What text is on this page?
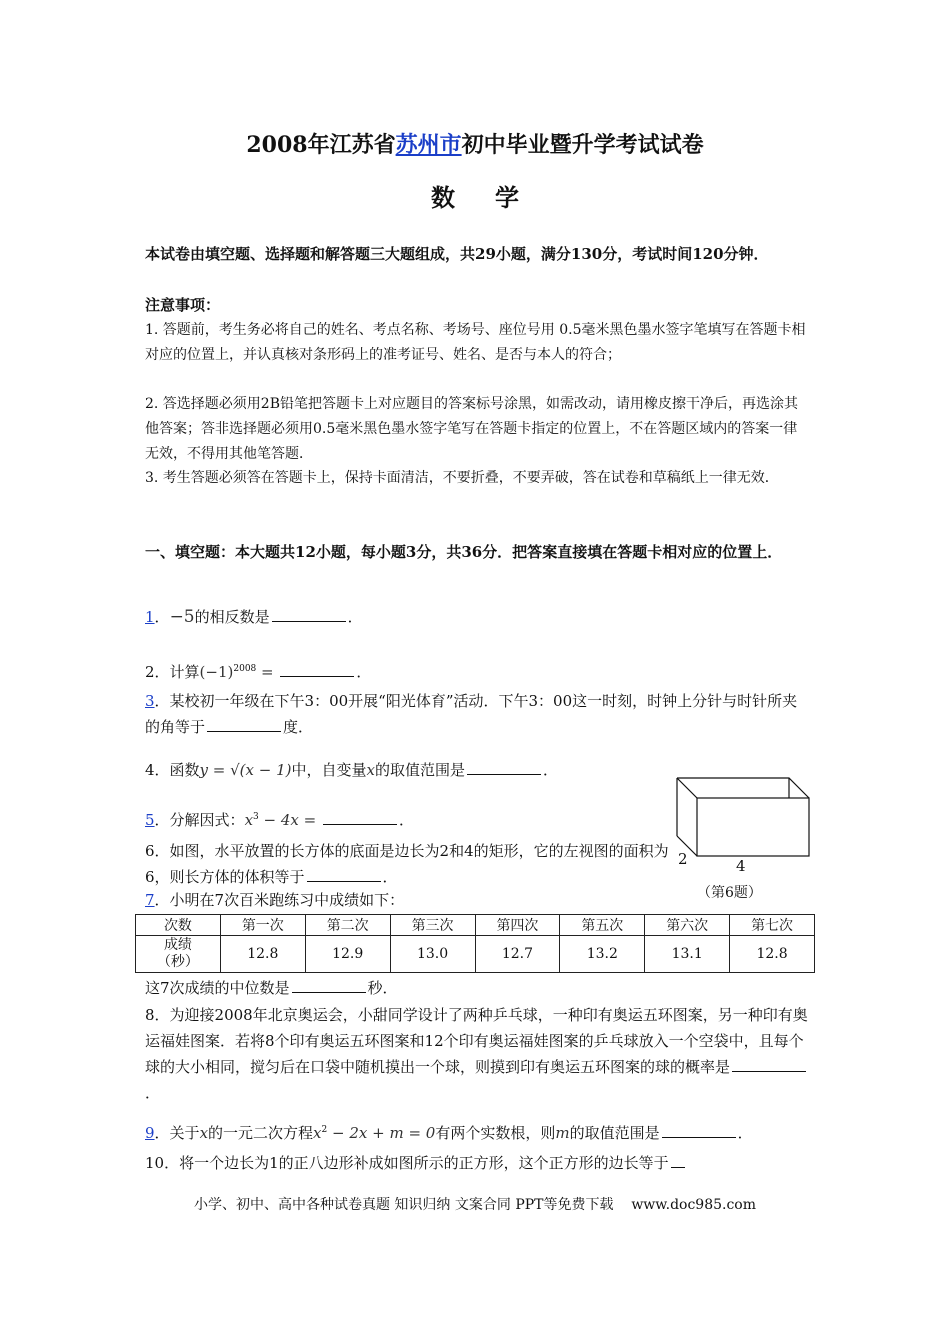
2008年江苏省苏州市初中毕业暨升学考试试卷
数学
本试卷由填空题、选择题和解答题三大题组成，共29小题，满分130分，考试时间120分钟．
注意事项：
1. 答题前，考生务必将自己的姓名、考点名称、考场号、座位号用 0.5毫米黑色墨水签字笔填写在答题卡相对应的位置上，并认真核对条形码上的准考证号、姓名、是否与本人的符合；
2. 答选择题必须用2B铅笔把答题卡上对应题目的答案标号涂黑，如需改动，请用橡皮擦干净后，再选涂其他答案；答非选择题必须用0.5毫米黑色墨水签字笔写在答题卡指定的位置上，不在答题区域内的答案一律无效，不得用其他笔答题．
3. 考生答题必须答在答题卡上，保持卡面清洁，不要折叠，不要弄破，答在试卷和草稿纸上一律无效．
一、填空题：本大题共12小题，每小题3分，共36分．把答案直接填在答题卡相对应的位置上．
1．−5的相反数是	．
2．计算$(-1)^{2008}$ =	．
3．某校初一年级在下午3：00开展“阳光体育”活动．下午3：00这一时刻，时钟上分针与时针所夹的角等于	度．
4．函数y = √(x − 1)中，自变量x的取值范围是	．
5．分解因式：$x^3 - 4x$ =	．
2	4
（第6题）
6．如图，水平放置的长方体的底面是边长为2和4的矩形，它的左视图的面积为6，则长方体的体积等于	．
7．小明在7次百米跑练习中成绩如下：
次数	第一次	第二次	第三次	第四次	第五次	第六次	第七次
成绩
（秒）	12.8	12.9	13.0	12.7	13.2	13.1	12.8
这7次成绩的中位数是	秒．
8．为迎接2008年北京奥运会，小甜同学设计了两种乒乓球，一种印有奥运五环图案，另一种印有奥运福娃图案．若将8个印有奥运五环图案和12个印有奥运福娃图案的乒乓球放入一个空袋中，且每个球的大小相同，搅匀后在口袋中随机摸出一个球，则摸到印有奥运五环图案的球的概率是．
9．关于x的一元二次方程$x^2 - 2x + m = 0$有两个实数根，则m的取值范围是	．
10．将一个边长为1的正八边形补成如图所示的正方形，这个正方形的边长等于
小学、初中、高中各种试卷真题 知识归纳 文案合同 PPT等免费下载 www.doc985.com
